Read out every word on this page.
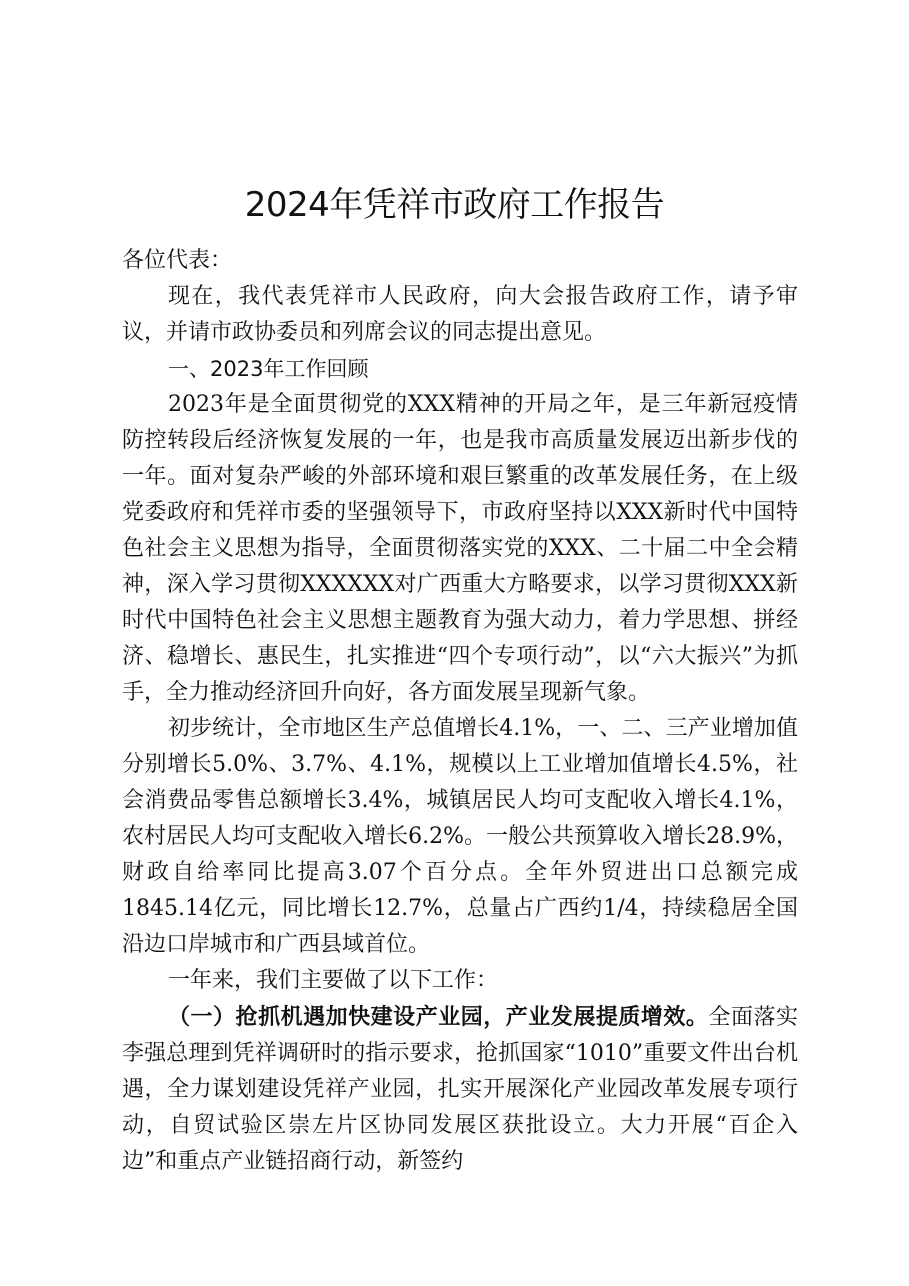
2024年凭祥市政府工作报告

各位代表：

现在，我代表凭祥市人民政府，向大会报告政府工作，请予审议，并请市政协委员和列席会议的同志提出意见。

一、2023年工作回顾

2023年是全面贯彻党的XXX精神的开局之年，是三年新冠疫情防控转段后经济恢复发展的一年，也是我市高质量发展迈出新步伐的一年。面对复杂严峻的外部环境和艰巨繁重的改革发展任务，在上级党委政府和凭祥市委的坚强领导下，市政府坚持以XXX新时代中国特色社会主义思想为指导，全面贯彻落实党的XXX、二十届二中全会精神，深入学习贯彻XXXXXX对广西重大方略要求，以学习贯彻XXX新时代中国特色社会主义思想主题教育为强大动力，着力学思想、拼经济、稳增长、惠民生，扎实推进“四个专项行动”，以“六大振兴”为抓手，全力推动经济回升向好，各方面发展呈现新气象。

初步统计，全市地区生产总值增长4.1%，一、二、三产业增加值分别增长5.0%、3.7%、4.1%，规模以上工业增加值增长4.5%，社会消费品零售总额增长3.4%，城镇居民人均可支配收入增长4.1%，农村居民人均可支配收入增长6.2%。一般公共预算收入增长28.9%，财政自给率同比提高3.07个百分点。全年外贸进出口总额完成1845.14亿元，同比增长12.7%，总量占广西约1/4，持续稳居全国沿边口岸城市和广西县域首位。

一年来，我们主要做了以下工作：

（一）抢抓机遇加快建设产业园，产业发展提质增效。全面落实李强总理到凭祥调研时的指示要求，抢抓国家“1010”重要文件出台机遇，全力谋划建设凭祥产业园，扎实开展深化产业园改革发展专项行动，自贸试验区崇左片区协同发展区获批设立。大力开展“百企入边”和重点产业链招商行动，新签约
